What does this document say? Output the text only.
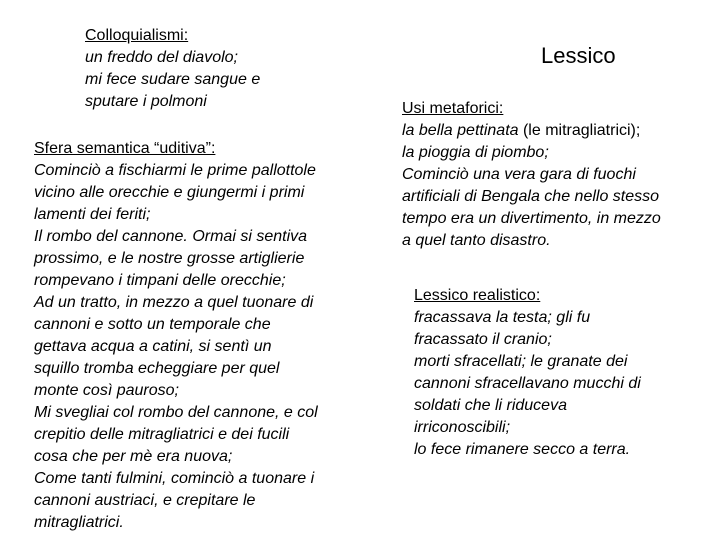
Lessico
Colloquialismi:
un freddo del diavolo;
mi fece sudare sangue e
sputare i polmoni
Sfera semantica “uditiva”:
Cominciò a fischiarmi le prime pallottole
vicino alle orecchie e giungermi i primi
lamenti dei feriti;
Il rombo del cannone. Ormai si sentiva
prossimo, e le nostre grosse artiglierie
rompevano i timpani delle orecchie;
Ad un tratto, in mezzo a quel tuonare di
cannoni e sotto un temporale che
gettava acqua a catini, si sentì un
squillo tromba echeggiare per quel
monte così pauroso;
Mi svegliai col rombo del cannone, e col
crepitio delle mitragliatrici e dei fucili
cosa che per mè era nuova;
Come tanti fulmini, cominciò a tuonare i
cannoni austriaci, e crepitare le
mitragliatrici.
Usi metaforici:
la bella pettinata (le mitragliatrici);
la pioggia di piombo;
Cominciò una vera gara di fuochi
artificiali di Bengala che nello stesso
tempo era un divertimento, in mezzo
a quel tanto disastro.
Lessico realistico:
fracassava la testa; gli fu
fracassato il cranio;
morti sfracellati; le granate dei
cannoni sfracellavano mucchi di
soldati che li riduceva
irriconoscibili;
lo fece rimanere secco a terra.
